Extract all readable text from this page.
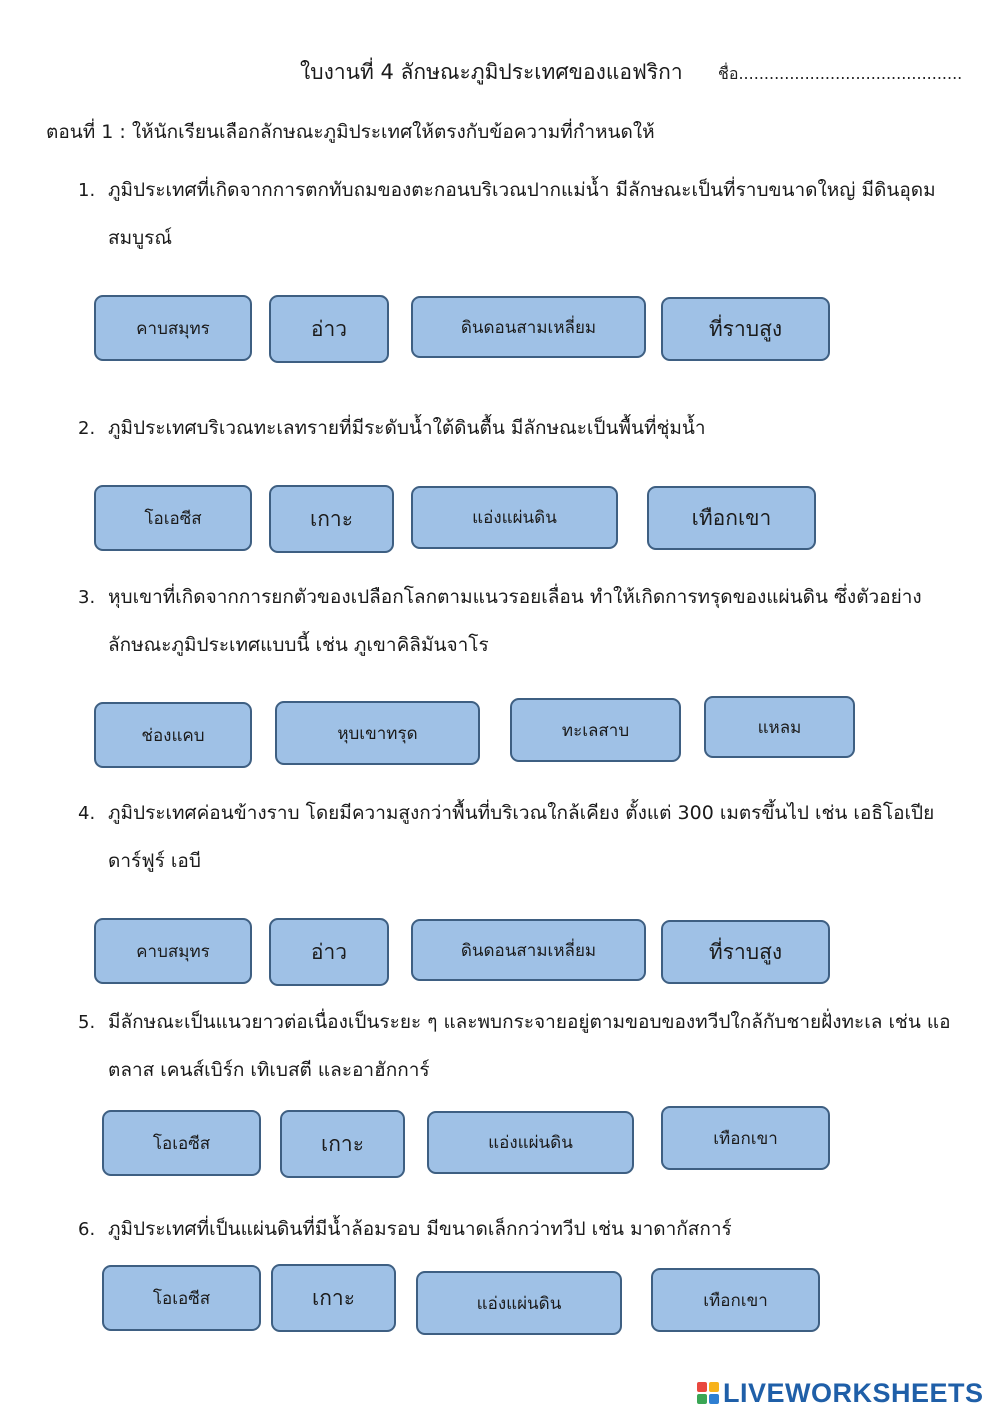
ใบงานที่ 4 ลักษณะภูมิประเทศของแอฟริกา ชื่อ............................................
ตอนที่ 1 : ให้นักเรียนเลือกลักษณะภูมิประเทศให้ตรงกับข้อความที่กำหนดให้
1. ภูมิประเทศที่เกิดจากการตกทับถมของตะกอนบริเวณปากแม่น้ำ มีลักษณะเป็นที่ราบขนาดใหญ่ มีดินอุดมสมบูรณ์
คาบสมุทร	อ่าว	ดินดอนสามเหลี่ยม	ที่ราบสูง
2. ภูมิประเทศบริเวณทะเลทรายที่มีระดับน้ำใต้ดินตื้น มีลักษณะเป็นพื้นที่ชุ่มน้ำ
โอเอซีส	เกาะ	แอ่งแผ่นดิน	เทือกเขา
3. หุบเขาที่เกิดจากการยกตัวของเปลือกโลกตามแนวรอยเลื่อน ทำให้เกิดการทรุดของแผ่นดิน ซึ่งตัวอย่างลักษณะภูมิประเทศแบบนี้ เช่น ภูเขาคิลิมันจาโร
ช่องแคบ	หุบเขาทรุด	ทะเลสาบ	แหลม
4. ภูมิประเทศค่อนข้างราบ โดยมีความสูงกว่าพื้นที่บริเวณใกล้เคียง ตั้งแต่ 300 เมตรขึ้นไป เช่น เอธิโอเปีย ดาร์ฟูร์ เอบี
คาบสมุทร	อ่าว	ดินดอนสามเหลี่ยม	ที่ราบสูง
5. มีลักษณะเป็นแนวยาวต่อเนื่องเป็นระยะ ๆ และพบกระจายอยู่ตามขอบของทวีปใกล้กับชายฝั่งทะเล เช่น แอตลาส เคนส์เบิร์ก เทิเบสตี และอาฮักการ์
โอเอซีส	เกาะ	แอ่งแผ่นดิน	เทือกเขา
6. ภูมิประเทศที่เป็นแผ่นดินที่มีน้ำล้อมรอบ มีขนาดเล็กกว่าทวีป เช่น มาดากัสการ์
โอเอซีส	เกาะ	แอ่งแผ่นดิน	เทือกเขา
LIVEWORKSHEETS
